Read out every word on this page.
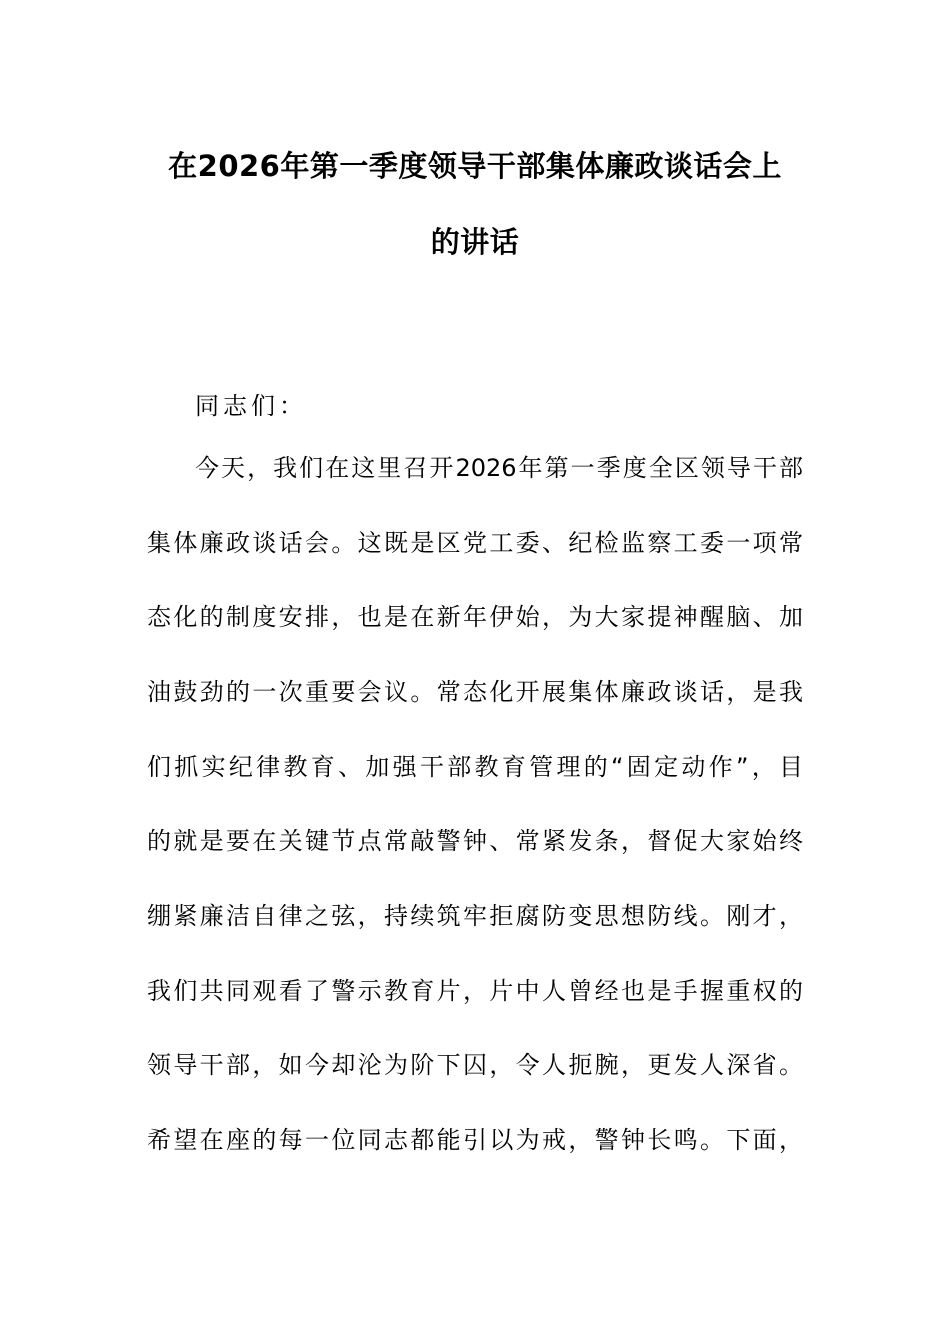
在2026年第一季度领导干部集体廉政谈话会上
的讲话
同志们：
今天，我们在这里召开2026年第一季度全区领导干部
集体廉政谈话会。这既是区党工委、纪检监察工委一项常
态化的制度安排，也是在新年伊始，为大家提神醒脑、加
油鼓劲的一次重要会议。常态化开展集体廉政谈话，是我
们抓实纪律教育、加强干部教育管理的“固定动作”，目
的就是要在关键节点常敲警钟、常紧发条，督促大家始终
绷紧廉洁自律之弦，持续筑牢拒腐防变思想防线。刚才，
我们共同观看了警示教育片，片中人曾经也是手握重权的
领导干部，如今却沦为阶下囚，令人扼腕，更发人深省。
希望在座的每一位同志都能引以为戒，警钟长鸣。下面，
